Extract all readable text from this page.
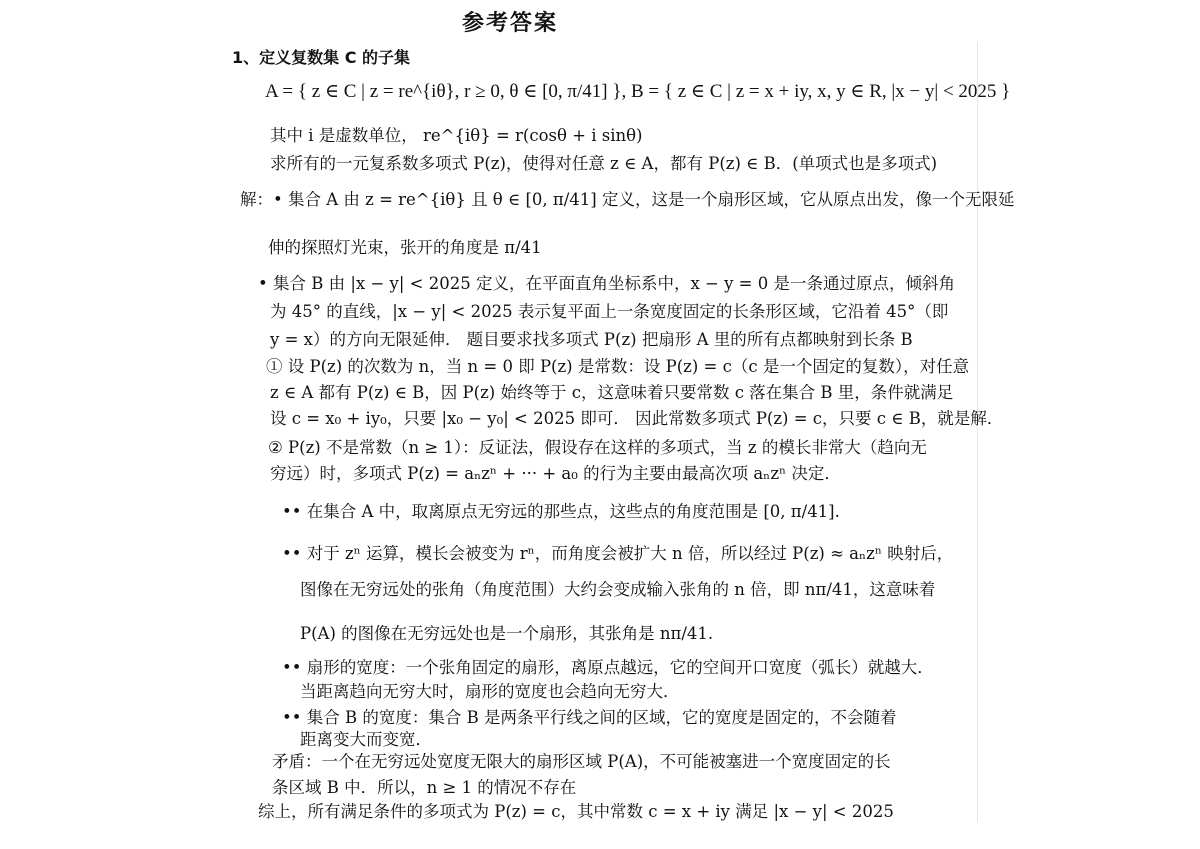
参考答案
1、定义复数集 C 的子集
A = { z ∈ C | z = re^{iθ}, r ≥ 0, θ ∈ [0, π/41] }, B = { z ∈ C | z = x + iy, x, y ∈ R, |x − y| < 2025 }
其中 i 是虚数单位， re^{iθ} = r(cosθ + i sinθ)
求所有的一元复系数多项式 P(z)，使得对任意 z ∈ A，都有 P(z) ∈ B．(单项式也是多项式)
解：• 集合 A 由 z = re^{iθ} 且 θ ∈ [0, π/41] 定义，这是一个扇形区域，它从原点出发，像一个无限延
伸的探照灯光束，张开的角度是 π/41
• 集合 B 由 |x − y| < 2025 定义，在平面直角坐标系中，x − y = 0 是一条通过原点，倾斜角
为 45° 的直线，|x − y| < 2025 表示复平面上一条宽度固定的长条形区域，它沿着 45°（即
y = x）的方向无限延伸． 题目要求找多项式 P(z) 把扇形 A 里的所有点都映射到长条 B
① 设 P(z) 的次数为 n，当 n = 0 即 P(z) 是常数：设 P(z) = c（c 是一个固定的复数），对任意
z ∈ A 都有 P(z) ∈ B，因 P(z) 始终等于 c，这意味着只要常数 c 落在集合 B 里，条件就满足
设 c = x₀ + iy₀，只要 |x₀ − y₀| < 2025 即可． 因此常数多项式 P(z) = c，只要 c ∈ B，就是解．
② P(z) 不是常数（n ≥ 1）：反证法，假设存在这样的多项式，当 z 的模长非常大（趋向无
穷远）时，多项式 P(z) = aₙzⁿ + ··· + a₀ 的行为主要由最高次项 aₙzⁿ 决定．
•• 在集合 A 中，取离原点无穷远的那些点，这些点的角度范围是 [0, π/41].
•• 对于 zⁿ 运算，模长会被变为 rⁿ，而角度会被扩大 n 倍，所以经过 P(z) ≈ aₙzⁿ 映射后，
图像在无穷远处的张角（角度范围）大约会变成输入张角的 n 倍，即 nπ/41，这意味着
P(A) 的图像在无穷远处也是一个扇形，其张角是 nπ/41.
•• 扇形的宽度：一个张角固定的扇形，离原点越远，它的空间开口宽度（弧长）就越大．
当距离趋向无穷大时，扇形的宽度也会趋向无穷大．
•• 集合 B 的宽度：集合 B 是两条平行线之间的区域，它的宽度是固定的，不会随着
距离变大而变宽．
矛盾：一个在无穷远处宽度无限大的扇形区域 P(A)，不可能被塞进一个宽度固定的长
条区域 B 中．所以，n ≥ 1 的情况不存在
综上，所有满足条件的多项式为 P(z) = c，其中常数 c = x + iy 满足 |x − y| < 2025
